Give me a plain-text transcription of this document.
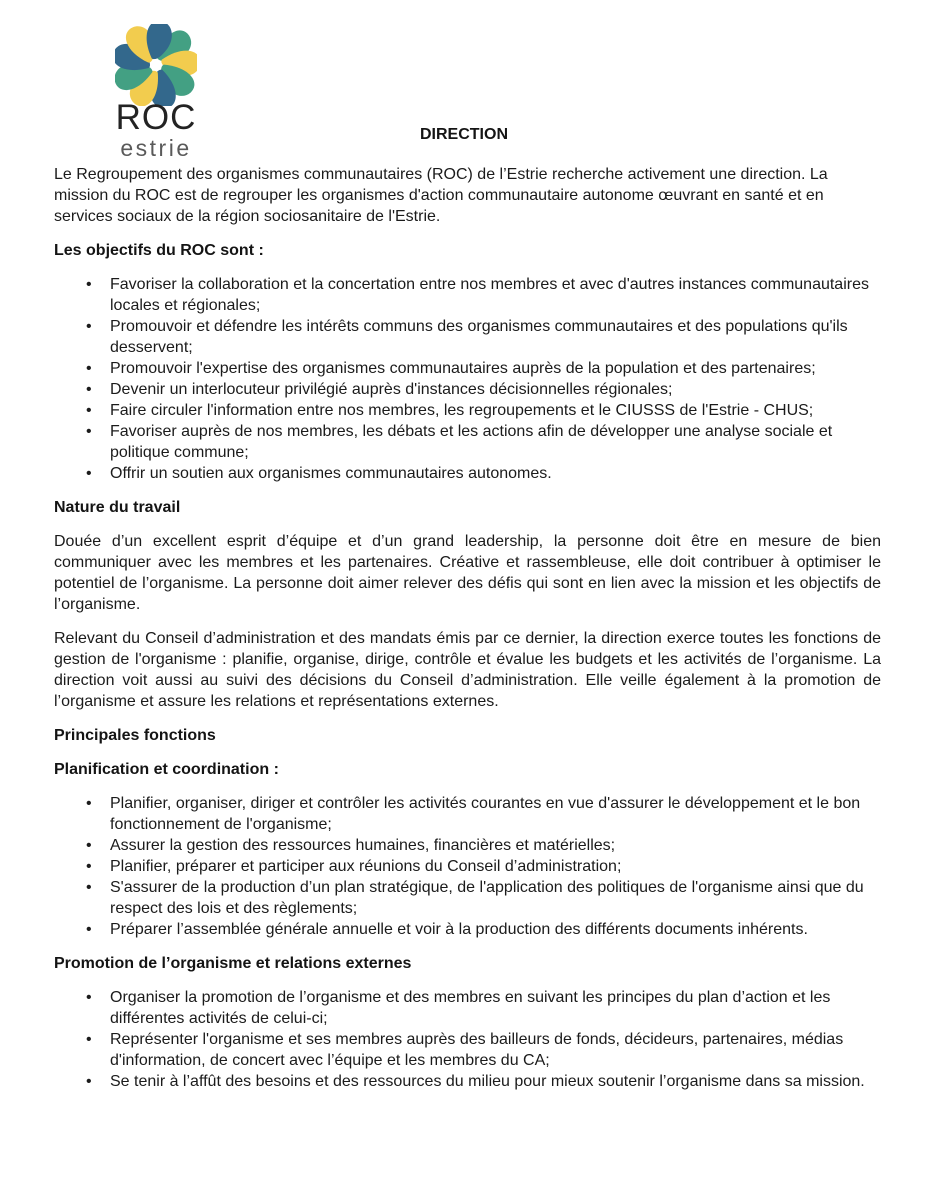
ROC
estrie
DIRECTION

Le Regroupement des organismes communautaires (ROC) de l’Estrie recherche activement une direction. La mission du ROC est de regrouper les organismes d'action communautaire autonome œuvrant en santé et en services sociaux de la région sociosanitaire de l'Estrie.

Les objectifs du ROC sont :
• Favoriser la collaboration et la concertation entre nos membres et avec d'autres instances communautaires locales et régionales;
• Promouvoir et défendre les intérêts communs des organismes communautaires et des populations qu'ils desservent;
• Promouvoir l'expertise des organismes communautaires auprès de la population et des partenaires;
• Devenir un interlocuteur privilégié auprès d'instances décisionnelles régionales;
• Faire circuler l'information entre nos membres, les regroupements et le CIUSSS de l'Estrie - CHUS;
• Favoriser auprès de nos membres, les débats et les actions afin de développer une analyse sociale et politique commune;
• Offrir un soutien aux organismes communautaires autonomes.
Nature du travail

Douée d’un excellent esprit d’équipe et d’un grand leadership, la personne doit être en mesure de bien communiquer avec les membres et les partenaires. Créative et rassembleuse, elle doit contribuer à optimiser le potentiel de l’organisme. La personne doit aimer relever des défis qui sont en lien avec la mission et les objectifs de l’organisme.

Relevant du Conseil d’administration et des mandats émis par ce dernier, la direction exerce toutes les fonctions de gestion de l'organisme : planifie, organise, dirige, contrôle et évalue les budgets et les activités de l’organisme. La direction voit aussi au suivi des décisions du Conseil d’administration. Elle veille également à la promotion de l’organisme et assure les relations et représentations externes.

Principales fonctions
Planification et coordination :
• Planifier, organiser, diriger et contrôler les activités courantes en vue d'assurer le développement et le bon fonctionnement de l'organisme;
• Assurer la gestion des ressources humaines, financières et matérielles;
• Planifier, préparer et participer aux réunions du Conseil d’administration;
• S'assurer de la production d’un plan stratégique, de l'application des politiques de l'organisme ainsi que du respect des lois et des règlements;
• Préparer l’assemblée générale annuelle et voir à la production des différents documents inhérents.
Promotion de l’organisme et relations externes
• Organiser la promotion de l’organisme et des membres en suivant les principes du plan d’action et les différentes activités de celui-ci;
• Représenter l'organisme et ses membres auprès des bailleurs de fonds, décideurs, partenaires, médias d'information, de concert avec l’équipe et les membres du CA;
• Se tenir à l’affût des besoins et des ressources du milieu pour mieux soutenir l’organisme dans sa mission.
